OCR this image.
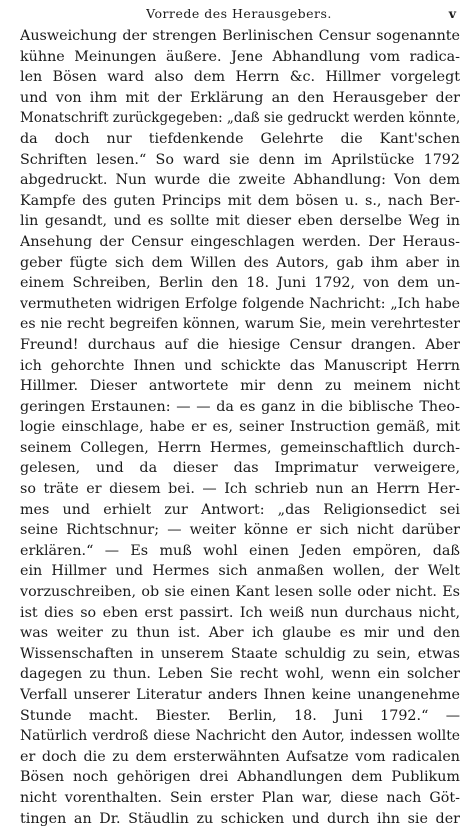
Vorrede des Herausgebers.	v
Ausweichung der strengen Berlinischen Censur sogenannte
kühne Meinungen äußere. Jene Abhandlung vom radica-
len Bösen ward also dem Herrn &c. Hillmer vorgelegt
und von ihm mit der Erklärung an den Herausgeber der
Monatschrift zurückgegeben: „daß sie gedruckt werden könnte,
da doch nur tiefdenkende Gelehrte die Kant'schen
Schriften lesen.“ So ward sie denn im Aprilstücke 1792
abgedruckt. Nun wurde die zweite Abhandlung: Von dem
Kampfe des guten Princips mit dem bösen u. s., nach Ber-
lin gesandt, und es sollte mit dieser eben derselbe Weg in
Ansehung der Censur eingeschlagen werden. Der Heraus-
geber fügte sich dem Willen des Autors, gab ihm aber in
einem Schreiben, Berlin den 18. Juni 1792, von dem un-
vermutheten widrigen Erfolge folgende Nachricht: „Ich habe
es nie recht begreifen können, warum Sie, mein verehrtester
Freund! durchaus auf die hiesige Censur drangen. Aber
ich gehorchte Ihnen und schickte das Manuscript Herrn
Hillmer. Dieser antwortete mir denn zu meinem nicht
geringen Erstaunen: — — da es ganz in die biblische Theo-
logie einschlage, habe er es, seiner Instruction gemäß, mit
seinem Collegen, Herrn Hermes, gemeinschaftlich durch-
gelesen, und da dieser das Imprimatur verweigere,
so träte er diesem bei. — Ich schrieb nun an Herrn Her-
mes und erhielt zur Antwort: „das Religionsedict sei
seine Richtschnur; — weiter könne er sich nicht darüber
erklären.“ — Es muß wohl einen Jeden empören, daß
ein Hillmer und Hermes sich anmaßen wollen, der Welt
vorzuschreiben, ob sie einen Kant lesen solle oder nicht. Es
ist dies so eben erst passirt. Ich weiß nun durchaus nicht,
was weiter zu thun ist. Aber ich glaube es mir und den
Wissenschaften in unserem Staate schuldig zu sein, etwas
dagegen zu thun. Leben Sie recht wohl, wenn ein solcher
Verfall unserer Literatur anders Ihnen keine unangenehme
Stunde macht. Biester. Berlin, 18. Juni 1792.“ —
Natürlich verdroß diese Nachricht den Autor, indessen wollte
er doch die zu dem ersterwähnten Aufsatze vom radicalen
Bösen noch gehörigen drei Abhandlungen dem Publikum
nicht vorenthalten. Sein erster Plan war, diese nach Göt-
tingen an Dr. Stäudlin zu schicken und durch ihn sie der
